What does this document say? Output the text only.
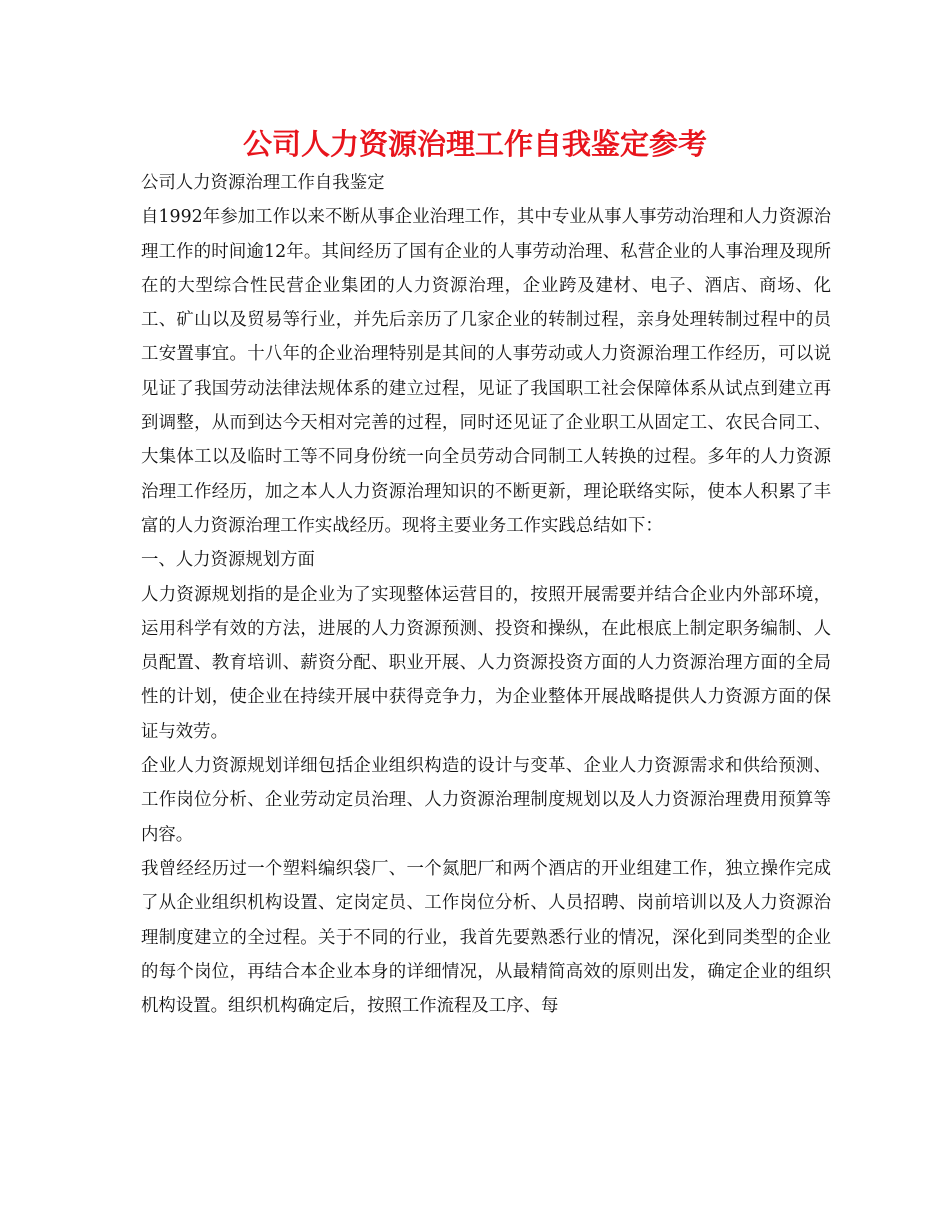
公司人力资源治理工作自我鉴定参考

公司人力资源治理工作自我鉴定

自1992年参加工作以来不断从事企业治理工作，其中专业从事人事劳动治理和人力资源治理工作的时间逾12年。其间经历了国有企业的人事劳动治理、私营企业的人事治理及现所在的大型综合性民营企业集团的人力资源治理，企业跨及建材、电子、酒店、商场、化工、矿山以及贸易等行业，并先后亲历了几家企业的转制过程，亲身处理转制过程中的员工安置事宜。十八年的企业治理特别是其间的人事劳动或人力资源治理工作经历，可以说见证了我国劳动法律法规体系的建立过程，见证了我国职工社会保障体系从试点到建立再到调整，从而到达今天相对完善的过程，同时还见证了企业职工从固定工、农民合同工、大集体工以及临时工等不同身份统一向全员劳动合同制工人转换的过程。多年的人力资源治理工作经历，加之本人人力资源治理知识的不断更新，理论联络实际，使本人积累了丰富的人力资源治理工作实战经历。现将主要业务工作实践总结如下：

一、人力资源规划方面

人力资源规划指的是企业为了实现整体运营目的，按照开展需要并结合企业内外部环境，运用科学有效的方法，进展的人力资源预测、投资和操纵，在此根底上制定职务编制、人员配置、教育培训、薪资分配、职业开展、人力资源投资方面的人力资源治理方面的全局性的计划，使企业在持续开展中获得竞争力，为企业整体开展战略提供人力资源方面的保证与效劳。

企业人力资源规划详细包括企业组织构造的设计与变革、企业人力资源需求和供给预测、工作岗位分析、企业劳动定员治理、人力资源治理制度规划以及人力资源治理费用预算等内容。

我曾经经历过一个塑料编织袋厂、一个氮肥厂和两个酒店的开业组建工作，独立操作完成了从企业组织机构设置、定岗定员、工作岗位分析、人员招聘、岗前培训以及人力资源治理制度建立的全过程。关于不同的行业，我首先要熟悉行业的情况，深化到同类型的企业的每个岗位，再结合本企业本身的详细情况，从最精简高效的原则出发，确定企业的组织机构设置。组织机构确定后，按照工作流程及工序、每
